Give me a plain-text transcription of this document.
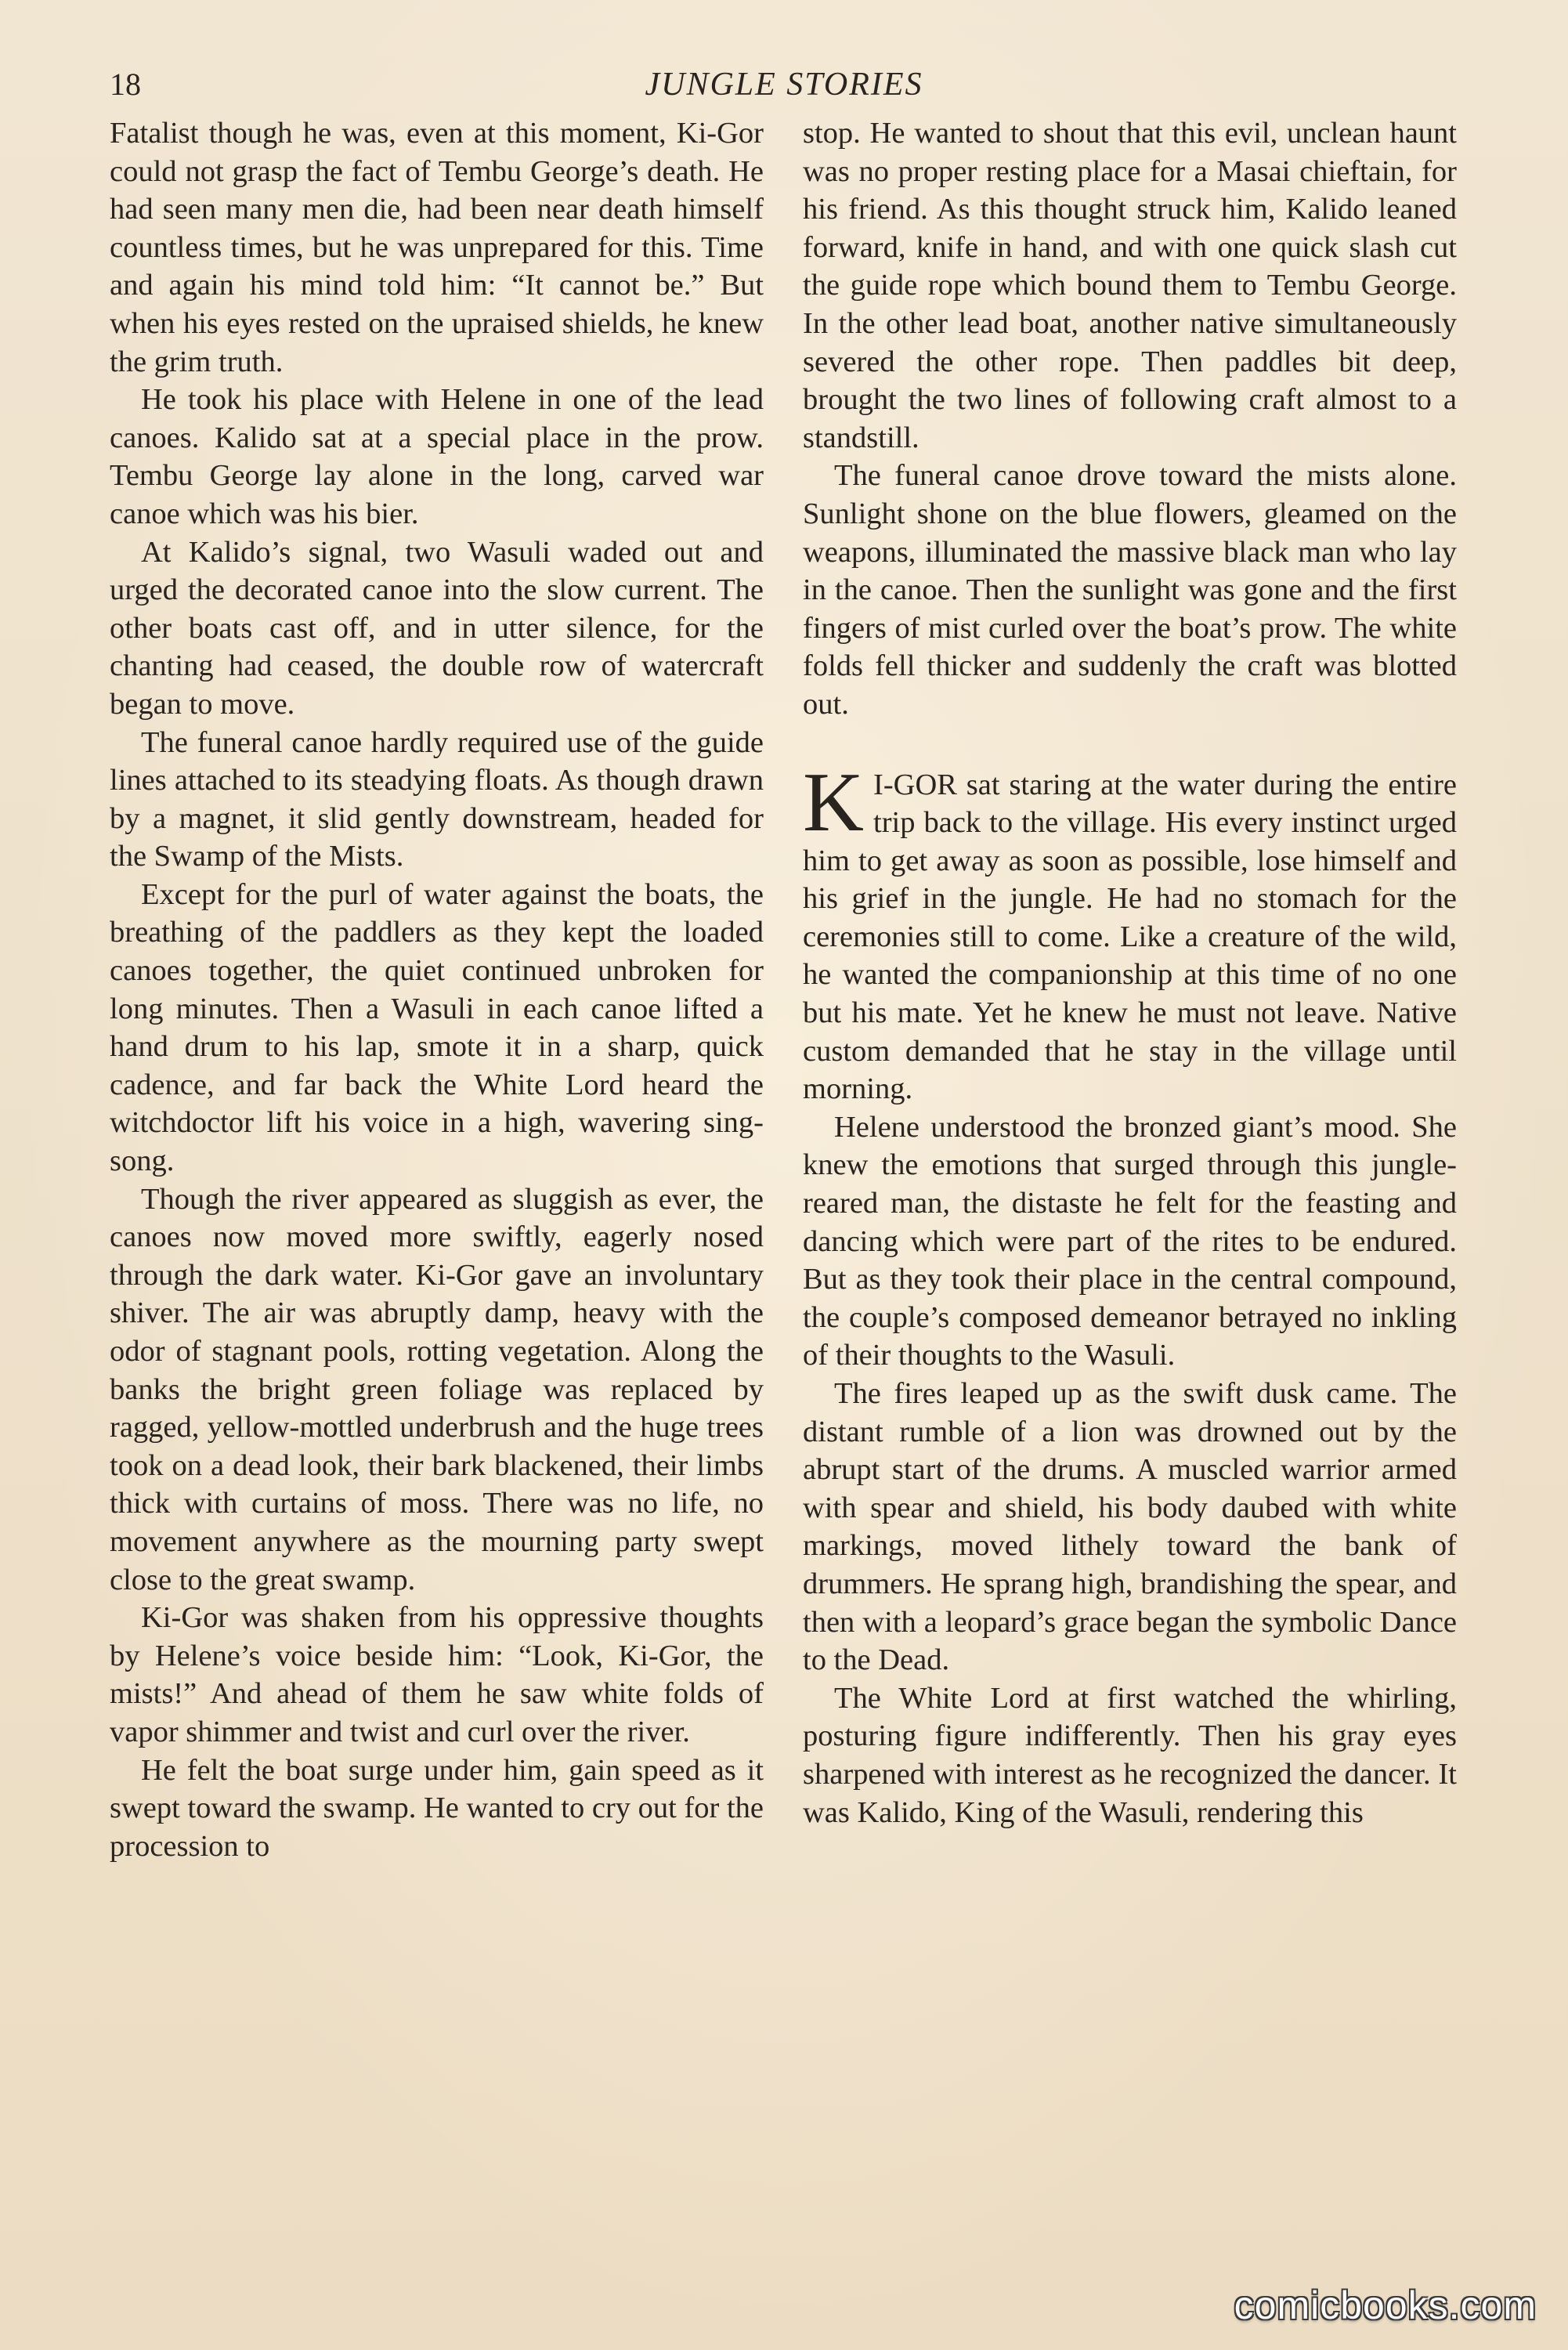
18	JUNGLE STORIES

Fatalist though he was, even at this moment, Ki-Gor could not grasp the fact of Tembu George’s death. He had seen many men die, had been near death himself countless times, but he was unprepared for this. Time and again his mind told him: “It cannot be.” But when his eyes rested on the upraised shields, he knew the grim truth.

He took his place with Helene in one of the lead canoes. Kalido sat at a special place in the prow. Tembu George lay alone in the long, carved war canoe which was his bier.

At Kalido’s signal, two Wasuli waded out and urged the decorated canoe into the slow current. The other boats cast off, and in utter silence, for the chanting had ceased, the double row of watercraft began to move.

The funeral canoe hardly required use of the guide lines attached to its steadying floats. As though drawn by a magnet, it slid gently downstream, headed for the Swamp of the Mists.

Except for the purl of water against the boats, the breathing of the paddlers as they kept the loaded canoes together, the quiet continued unbroken for long minutes. Then a Wasuli in each canoe lifted a hand drum to his lap, smote it in a sharp, quick cadence, and far back the White Lord heard the witchdoctor lift his voice in a high, wavering sing-song.

Though the river appeared as sluggish as ever, the canoes now moved more swiftly, eagerly nosed through the dark water. Ki-Gor gave an involuntary shiver. The air was abruptly damp, heavy with the odor of stagnant pools, rotting vegetation. Along the banks the bright green foliage was replaced by ragged, yellow-mottled underbrush and the huge trees took on a dead look, their bark blackened, their limbs thick with curtains of moss. There was no life, no movement anywhere as the mourning party swept close to the great swamp.

Ki-Gor was shaken from his oppressive thoughts by Helene’s voice beside him: “Look, Ki-Gor, the mists!” And ahead of them he saw white folds of vapor shimmer and twist and curl over the river.

He felt the boat surge under him, gain speed as it swept toward the swamp. He wanted to cry out for the procession to

stop. He wanted to shout that this evil, unclean haunt was no proper resting place for a Masai chieftain, for his friend. As this thought struck him, Kalido leaned forward, knife in hand, and with one quick slash cut the guide rope which bound them to Tembu George. In the other lead boat, another native simultaneously severed the other rope. Then paddles bit deep, brought the two lines of following craft almost to a standstill.

The funeral canoe drove toward the mists alone. Sunlight shone on the blue flowers, gleamed on the weapons, illuminated the massive black man who lay in the canoe. Then the sunlight was gone and the first fingers of mist curled over the boat’s prow. The white folds fell thicker and suddenly the craft was blotted out.

K I-GOR sat staring at the water during the entire trip back to the village. His every instinct urged him to get away as soon as possible, lose himself and his grief in the jungle. He had no stomach for the ceremonies still to come. Like a creature of the wild, he wanted the companionship at this time of no one but his mate. Yet he knew he must not leave. Native custom demanded that he stay in the village until morning.

Helene understood the bronzed giant’s mood. She knew the emotions that surged through this jungle-reared man, the distaste he felt for the feasting and dancing which were part of the rites to be endured. But as they took their place in the central compound, the couple’s composed demeanor betrayed no inkling of their thoughts to the Wasuli.

The fires leaped up as the swift dusk came. The distant rumble of a lion was drowned out by the abrupt start of the drums. A muscled warrior armed with spear and shield, his body daubed with white markings, moved lithely toward the bank of drummers. He sprang high, brandishing the spear, and then with a leopard’s grace began the symbolic Dance to the Dead.

The White Lord at first watched the whirling, posturing figure indifferently. Then his gray eyes sharpened with interest as he recognized the dancer. It was Kalido, King of the Wasuli, rendering this

comicbooks.com
